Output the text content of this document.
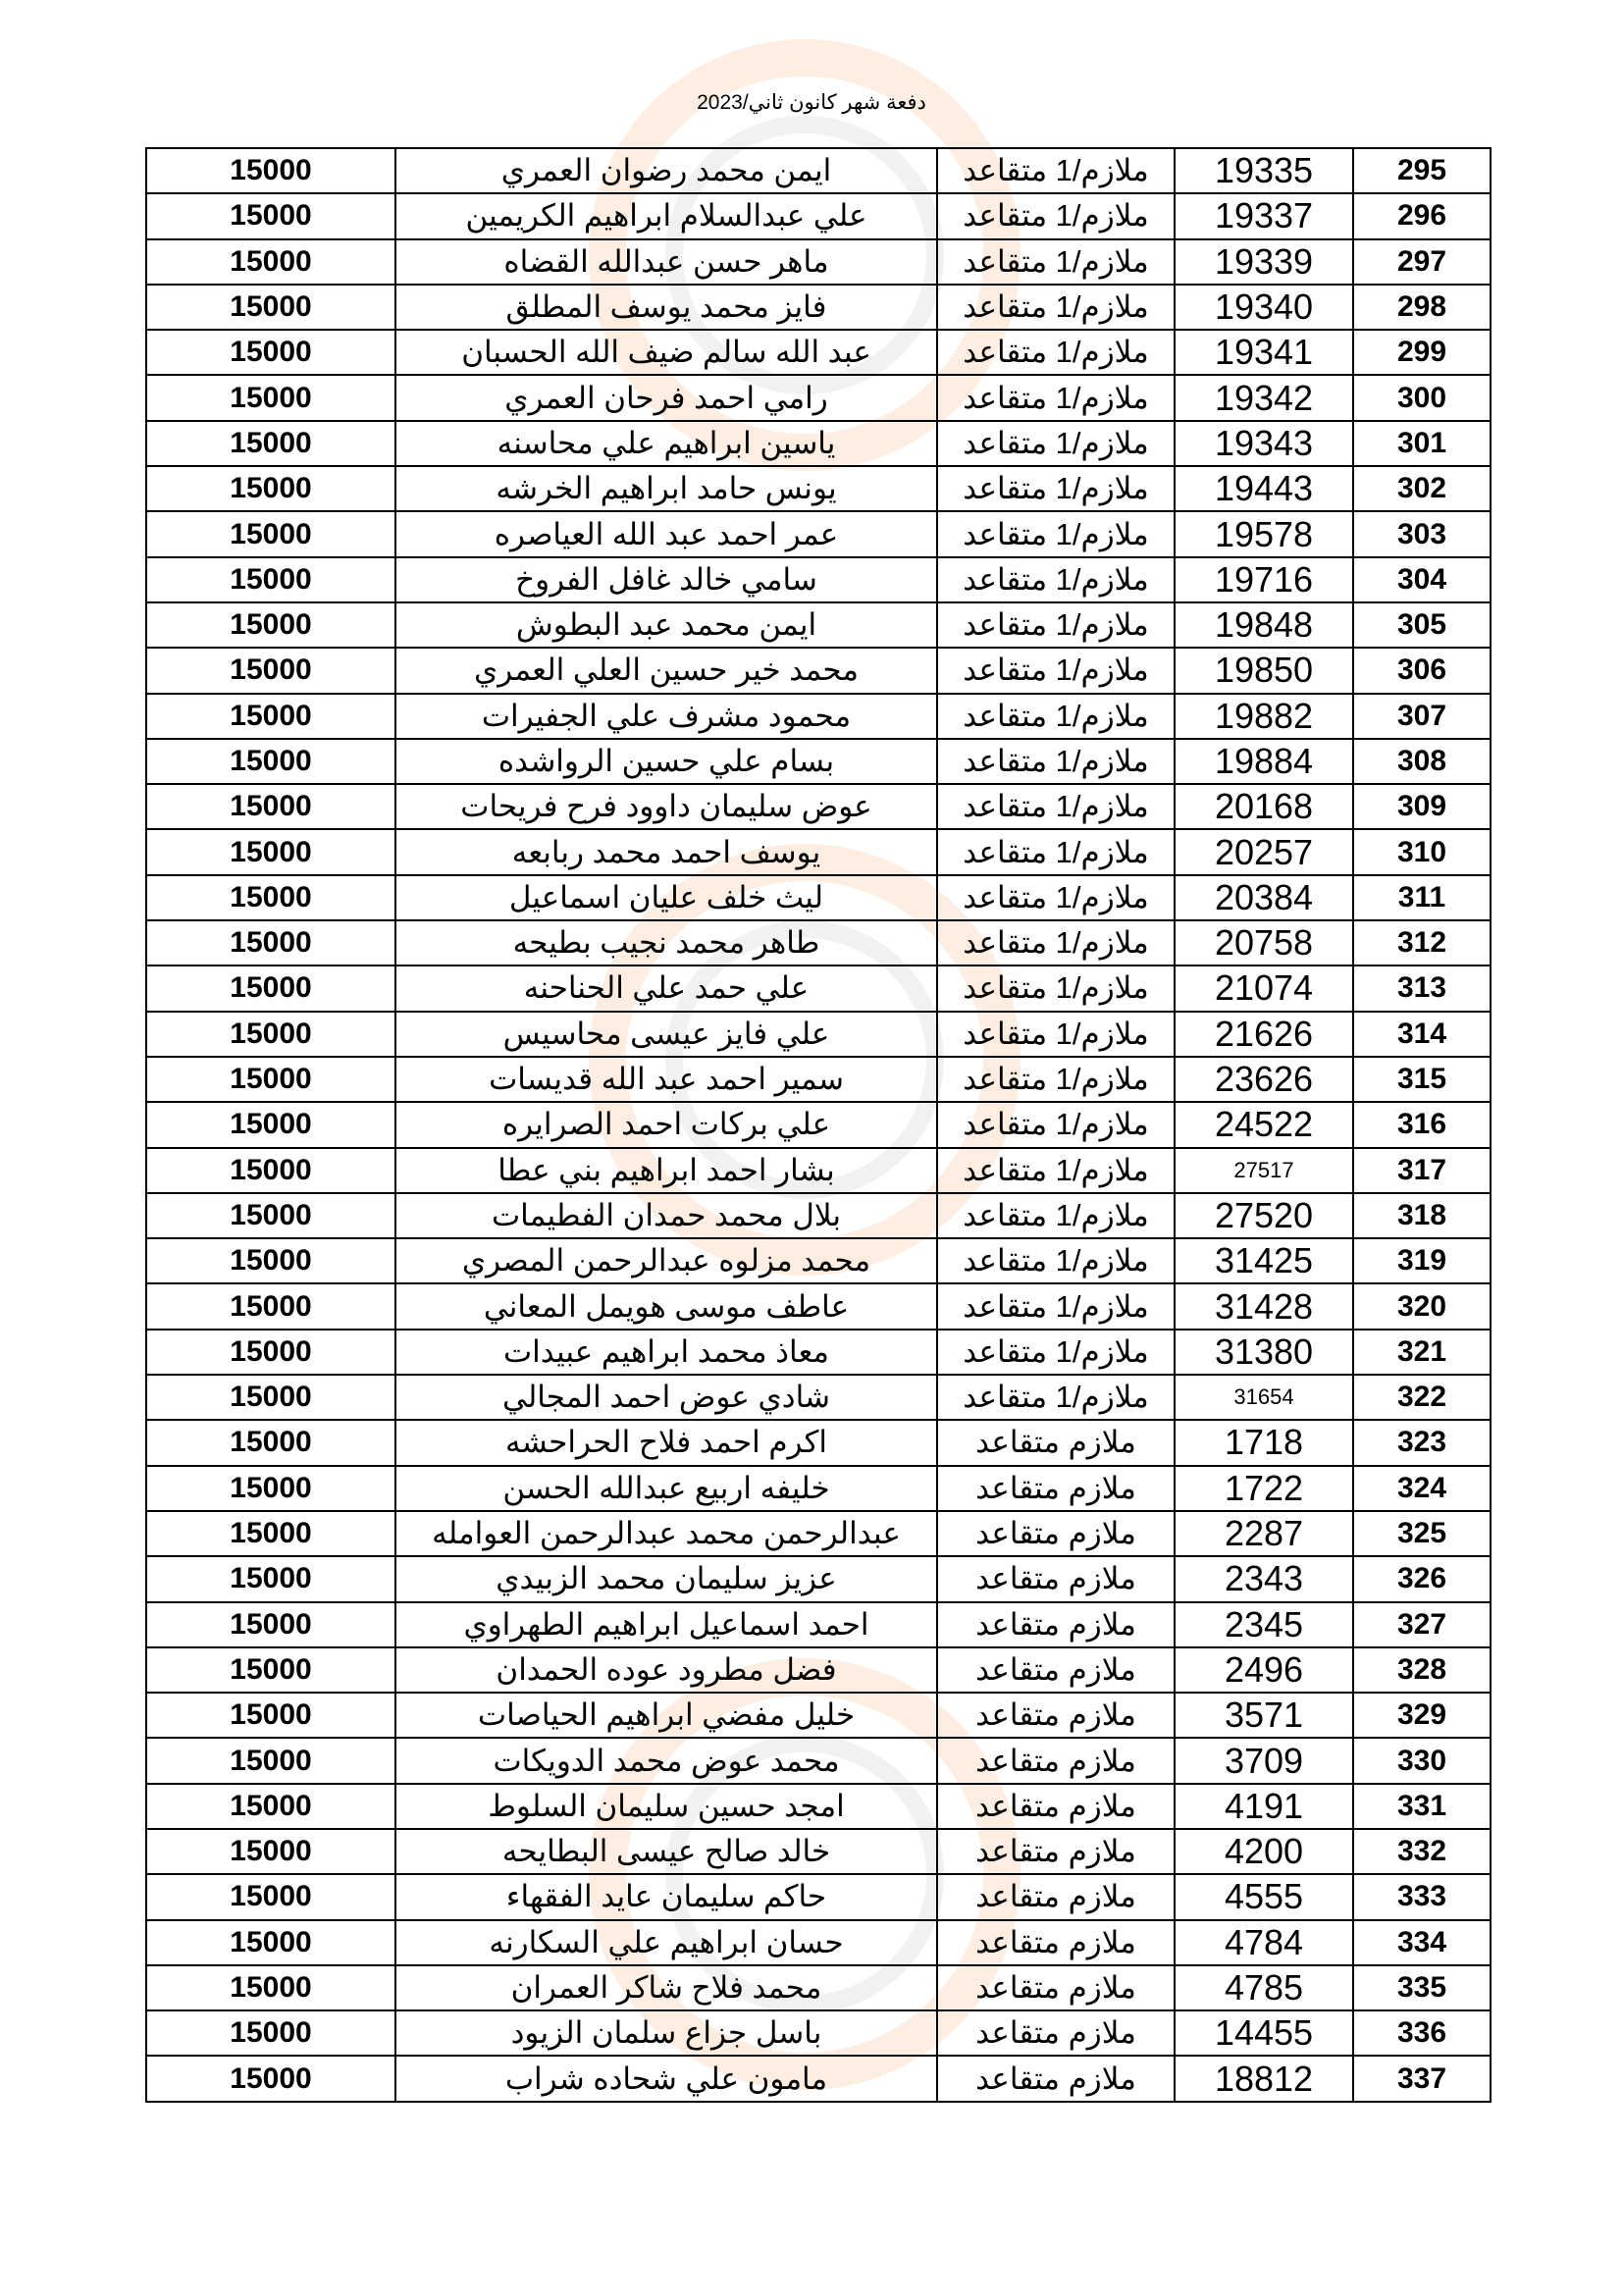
دفعة شهر كانون ثاني/2023
295	19335	ملازم/1 متقاعد	ايمن محمد رضوان العمري	15000
296	19337	ملازم/1 متقاعد	علي عبدالسلام ابراهيم الكريمين	15000
297	19339	ملازم/1 متقاعد	ماهر حسن عبدالله القضاه	15000
298	19340	ملازم/1 متقاعد	فايز محمد يوسف المطلق	15000
299	19341	ملازم/1 متقاعد	عبد الله سالم ضيف الله الحسبان	15000
300	19342	ملازم/1 متقاعد	رامي احمد فرحان العمري	15000
301	19343	ملازم/1 متقاعد	ياسين ابراهيم علي محاسنه	15000
302	19443	ملازم/1 متقاعد	يونس حامد ابراهيم الخرشه	15000
303	19578	ملازم/1 متقاعد	عمر احمد عبد الله العياصره	15000
304	19716	ملازم/1 متقاعد	سامي خالد غافل الفروخ	15000
305	19848	ملازم/1 متقاعد	ايمن محمد عبد البطوش	15000
306	19850	ملازم/1 متقاعد	محمد خير حسين العلي العمري	15000
307	19882	ملازم/1 متقاعد	محمود مشرف علي الجفيرات	15000
308	19884	ملازم/1 متقاعد	بسام علي حسين الرواشده	15000
309	20168	ملازم/1 متقاعد	عوض سليمان داوود فرح فريحات	15000
310	20257	ملازم/1 متقاعد	يوسف احمد محمد ربابعه	15000
311	20384	ملازم/1 متقاعد	ليث خلف عليان اسماعيل	15000
312	20758	ملازم/1 متقاعد	طاهر محمد نجيب بطيحه	15000
313	21074	ملازم/1 متقاعد	علي حمد علي الحناحنه	15000
314	21626	ملازم/1 متقاعد	علي فايز عيسى محاسيس	15000
315	23626	ملازم/1 متقاعد	سمير احمد عبد الله قديسات	15000
316	24522	ملازم/1 متقاعد	علي بركات احمد الصرايره	15000
317	27517	ملازم/1 متقاعد	بشار احمد ابراهيم بني عطا	15000
318	27520	ملازم/1 متقاعد	بلال محمد حمدان الفطيمات	15000
319	31425	ملازم/1 متقاعد	محمد مزلوه عبدالرحمن المصري	15000
320	31428	ملازم/1 متقاعد	عاطف موسى هويمل المعاني	15000
321	31380	ملازم/1 متقاعد	معاذ محمد ابراهيم عبيدات	15000
322	31654	ملازم/1 متقاعد	شادي عوض احمد المجالي	15000
323	1718	ملازم متقاعد	اكرم احمد فلاح الحراحشه	15000
324	1722	ملازم متقاعد	خليفه اربيع عبدالله الحسن	15000
325	2287	ملازم متقاعد	عبدالرحمن محمد عبدالرحمن العوامله	15000
326	2343	ملازم متقاعد	عزيز سليمان محمد الزبيدي	15000
327	2345	ملازم متقاعد	احمد اسماعيل ابراهيم الطهراوي	15000
328	2496	ملازم متقاعد	فضل مطرود عوده الحمدان	15000
329	3571	ملازم متقاعد	خليل مفضي ابراهيم الحياصات	15000
330	3709	ملازم متقاعد	محمد عوض محمد الدويكات	15000
331	4191	ملازم متقاعد	امجد حسين سليمان السلوط	15000
332	4200	ملازم متقاعد	خالد صالح عيسى البطايحه	15000
333	4555	ملازم متقاعد	حاكم سليمان عايد الفقهاء	15000
334	4784	ملازم متقاعد	حسان ابراهيم علي السكارنه	15000
335	4785	ملازم متقاعد	محمد فلاح شاكر العمران	15000
336	14455	ملازم متقاعد	باسل جزاع سلمان الزيود	15000
337	18812	ملازم متقاعد	مامون علي شحاده شراب	15000
